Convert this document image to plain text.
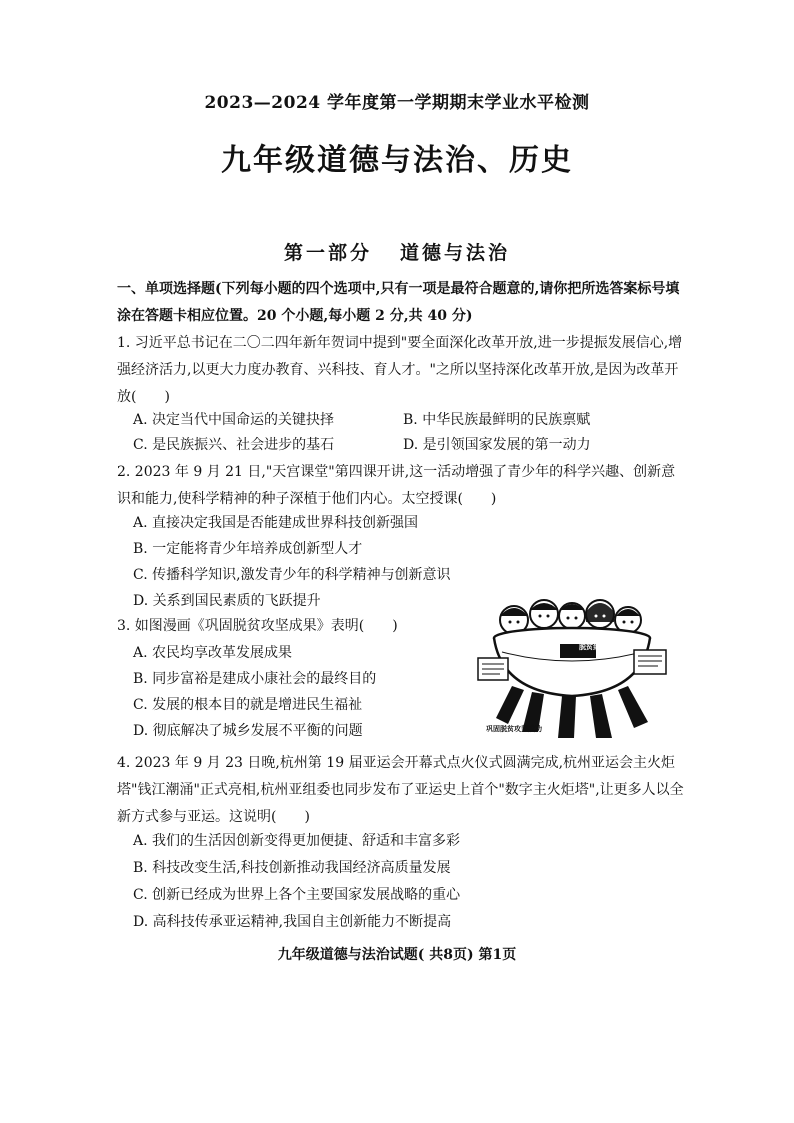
2023—2024 学年度第一学期期末学业水平检测
九年级道德与法治、历史
第一部分 道德与法治
一、单项选择题(下列每小题的四个选项中,只有一项是最符合题意的,请你把所选答案标号填涂在答题卡相应位置。20 个小题,每小题 2 分,共 40 分)
1. 习近平总书记在二〇二四年新年贺词中提到"要全面深化改革开放,进一步提振发展信心,增强经济活力,以更大力度办教育、兴科技、育人才。"之所以坚持深化改革开放,是因为改革开放(　　)
A. 决定当代中国命运的关键抉择	B. 中华民族最鲜明的民族禀赋
C. 是民族振兴、社会进步的基石	D. 是引领国家发展的第一动力
2. 2023 年 9 月 21 日,"天宫课堂"第四课开讲,这一活动增强了青少年的科学兴趣、创新意识和能力,使科学精神的种子深植于他们内心。太空授课(　　)
A. 直接决定我国是否能建成世界科技创新强国
B. 一定能将青少年培养成创新型人才
C. 传播科学知识,激发青少年的科学精神与创新意识
D. 关系到国民素质的飞跃提升
3. 如图漫画《巩固脱贫攻坚成果》表明(　　)
A. 农民均享改革发展成果
B. 同步富裕是建成小康社会的最终目的
C. 发展的根本目的就是增进民生福祉
D. 彻底解决了城乡发展不平衡的问题
脱贫致富
巩固脱贫攻坚成功
4. 2023 年 9 月 23 日晚,杭州第 19 届亚运会开幕式点火仪式圆满完成,杭州亚运会主火炬塔"钱江潮涌"正式亮相,杭州亚组委也同步发布了亚运史上首个"数字主火炬塔",让更多人以全新方式参与亚运。这说明(　　)
A. 我们的生活因创新变得更加便捷、舒适和丰富多彩
B. 科技改变生活,科技创新推动我国经济高质量发展
C. 创新已经成为世界上各个主要国家发展战略的重心
D. 高科技传承亚运精神,我国自主创新能力不断提高
九年级道德与法治试题( 共8页) 第1页
